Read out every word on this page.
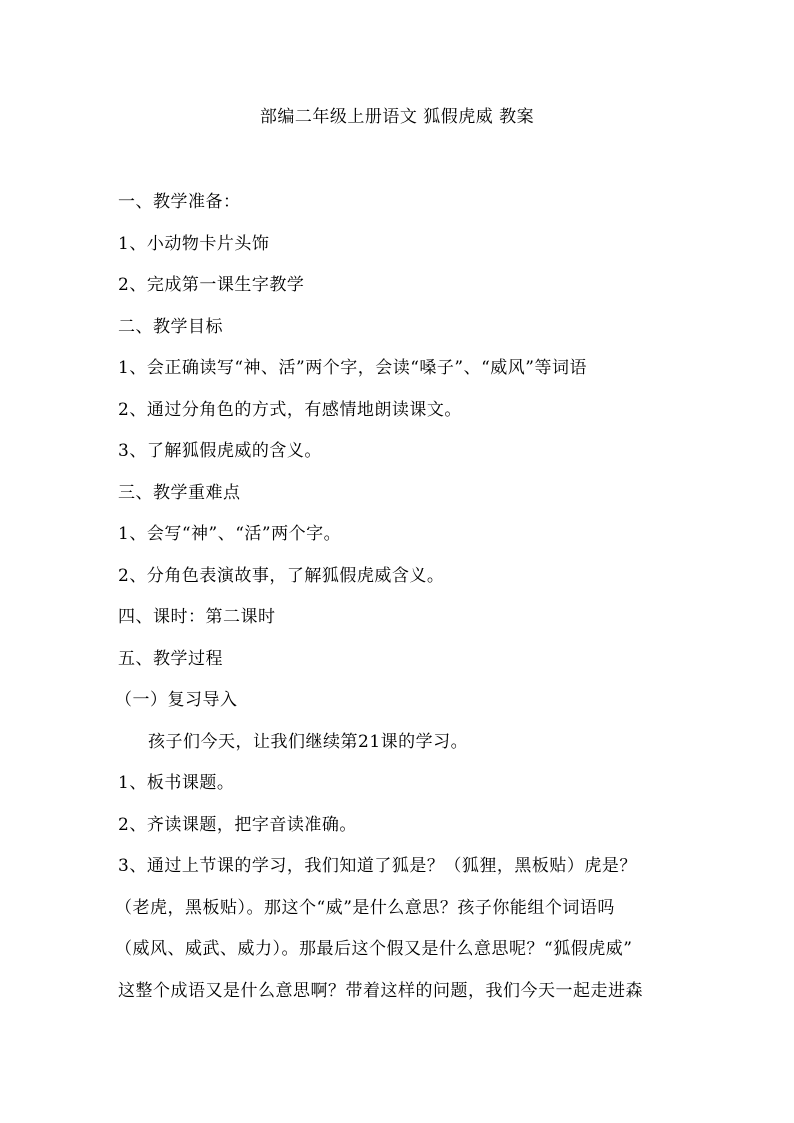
部编二年级上册语文 狐假虎威 教案
一、教学准备：
1、小动物卡片头饰
2、完成第一课生字教学
二、教学目标
1、会正确读写“神、活”两个字，会读“嗓子”、“威风”等词语
2、通过分角色的方式，有感情地朗读课文。
3、了解狐假虎威的含义。
三、教学重难点
1、会写“神”、“活”两个字。
2、分角色表演故事，了解狐假虎威含义。
四、课时：第二课时
五、教学过程
（一）复习导入
孩子们今天，让我们继续第21课的学习。
1、板书课题。
2、齐读课题，把字音读准确。
3、通过上节课的学习，我们知道了狐是？（狐狸，黑板贴）虎是？
（老虎，黑板贴）。那这个“威”是什么意思？孩子你能组个词语吗
（威风、威武、威力）。那最后这个假又是什么意思呢？“狐假虎威”
这整个成语又是什么意思啊？带着这样的问题，我们今天一起走进森
